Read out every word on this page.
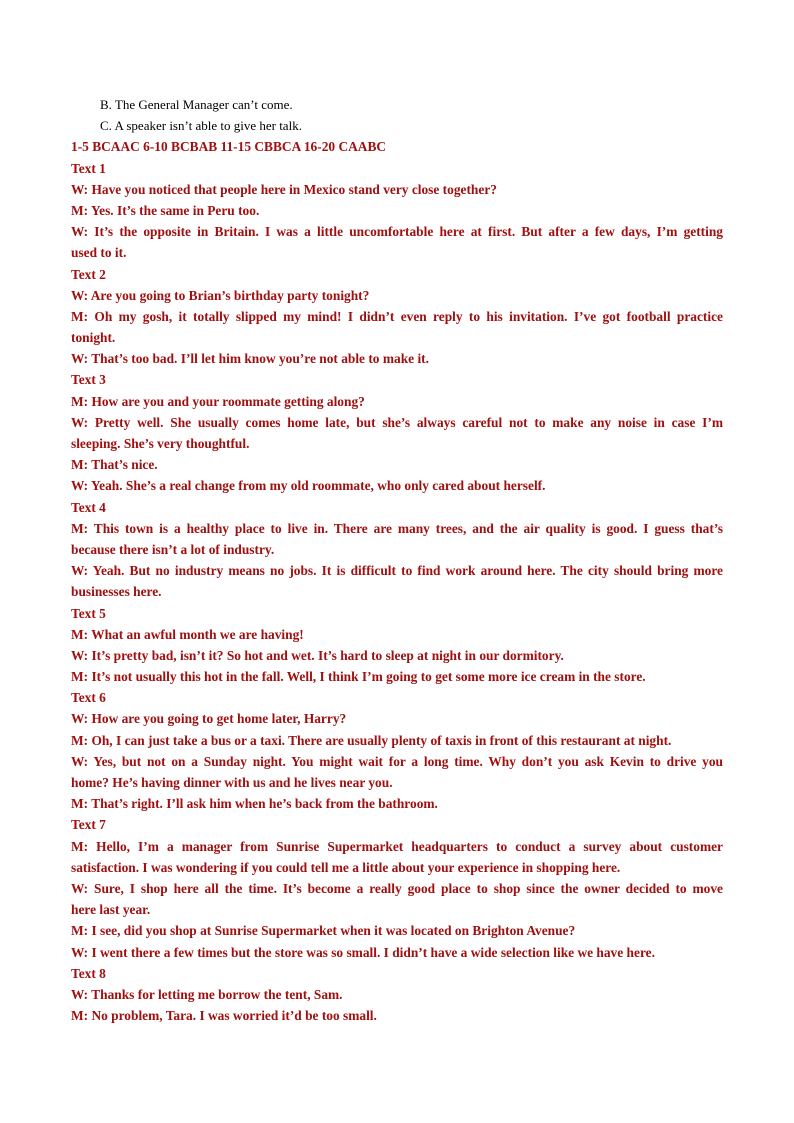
B. The General Manager can’t come.
C. A speaker isn’t able to give her talk.
1-5 BCAAC 6-10 BCBAB 11-15 CBBCA 16-20 CAABC
Text 1
W: Have you noticed that people here in Mexico stand very close together?
M: Yes. It’s the same in Peru too.
W: It’s the opposite in Britain. I was a little uncomfortable here at first. But after a few days, I’m getting
used to it.
Text 2
W: Are you going to Brian’s birthday party tonight?
M: Oh my gosh, it totally slipped my mind! I didn’t even reply to his invitation. I’ve got football practice
tonight.
W: That’s too bad. I’ll let him know you’re not able to make it.
Text 3
M: How are you and your roommate getting along?
W: Pretty well. She usually comes home late, but she’s always careful not to make any noise in case I’m
sleeping. She’s very thoughtful.
M: That’s nice.
W: Yeah. She’s a real change from my old roommate, who only cared about herself.
Text 4
M: This town is a healthy place to live in. There are many trees, and the air quality is good. I guess that’s
because there isn’t a lot of industry.
W: Yeah. But no industry means no jobs. It is difficult to find work around here. The city should bring more
businesses here.
Text 5
M: What an awful month we are having!
W: It’s pretty bad, isn’t it? So hot and wet. It’s hard to sleep at night in our dormitory.
M: It’s not usually this hot in the fall. Well, I think I’m going to get some more ice cream in the store.
Text 6
W: How are you going to get home later, Harry?
M: Oh, I can just take a bus or a taxi. There are usually plenty of taxis in front of this restaurant at night.
W: Yes, but not on a Sunday night. You might wait for a long time. Why don’t you ask Kevin to drive you
home? He’s having dinner with us and he lives near you.
M: That’s right. I’ll ask him when he’s back from the bathroom.
Text 7
M: Hello, I’m a manager from Sunrise Supermarket headquarters to conduct a survey about customer
satisfaction. I was wondering if you could tell me a little about your experience in shopping here.
W: Sure, I shop here all the time. It’s become a really good place to shop since the owner decided to move
here last year.
M: I see, did you shop at Sunrise Supermarket when it was located on Brighton Avenue?
W: I went there a few times but the store was so small. I didn’t have a wide selection like we have here.
Text 8
W: Thanks for letting me borrow the tent, Sam.
M: No problem, Tara. I was worried it’d be too small.
